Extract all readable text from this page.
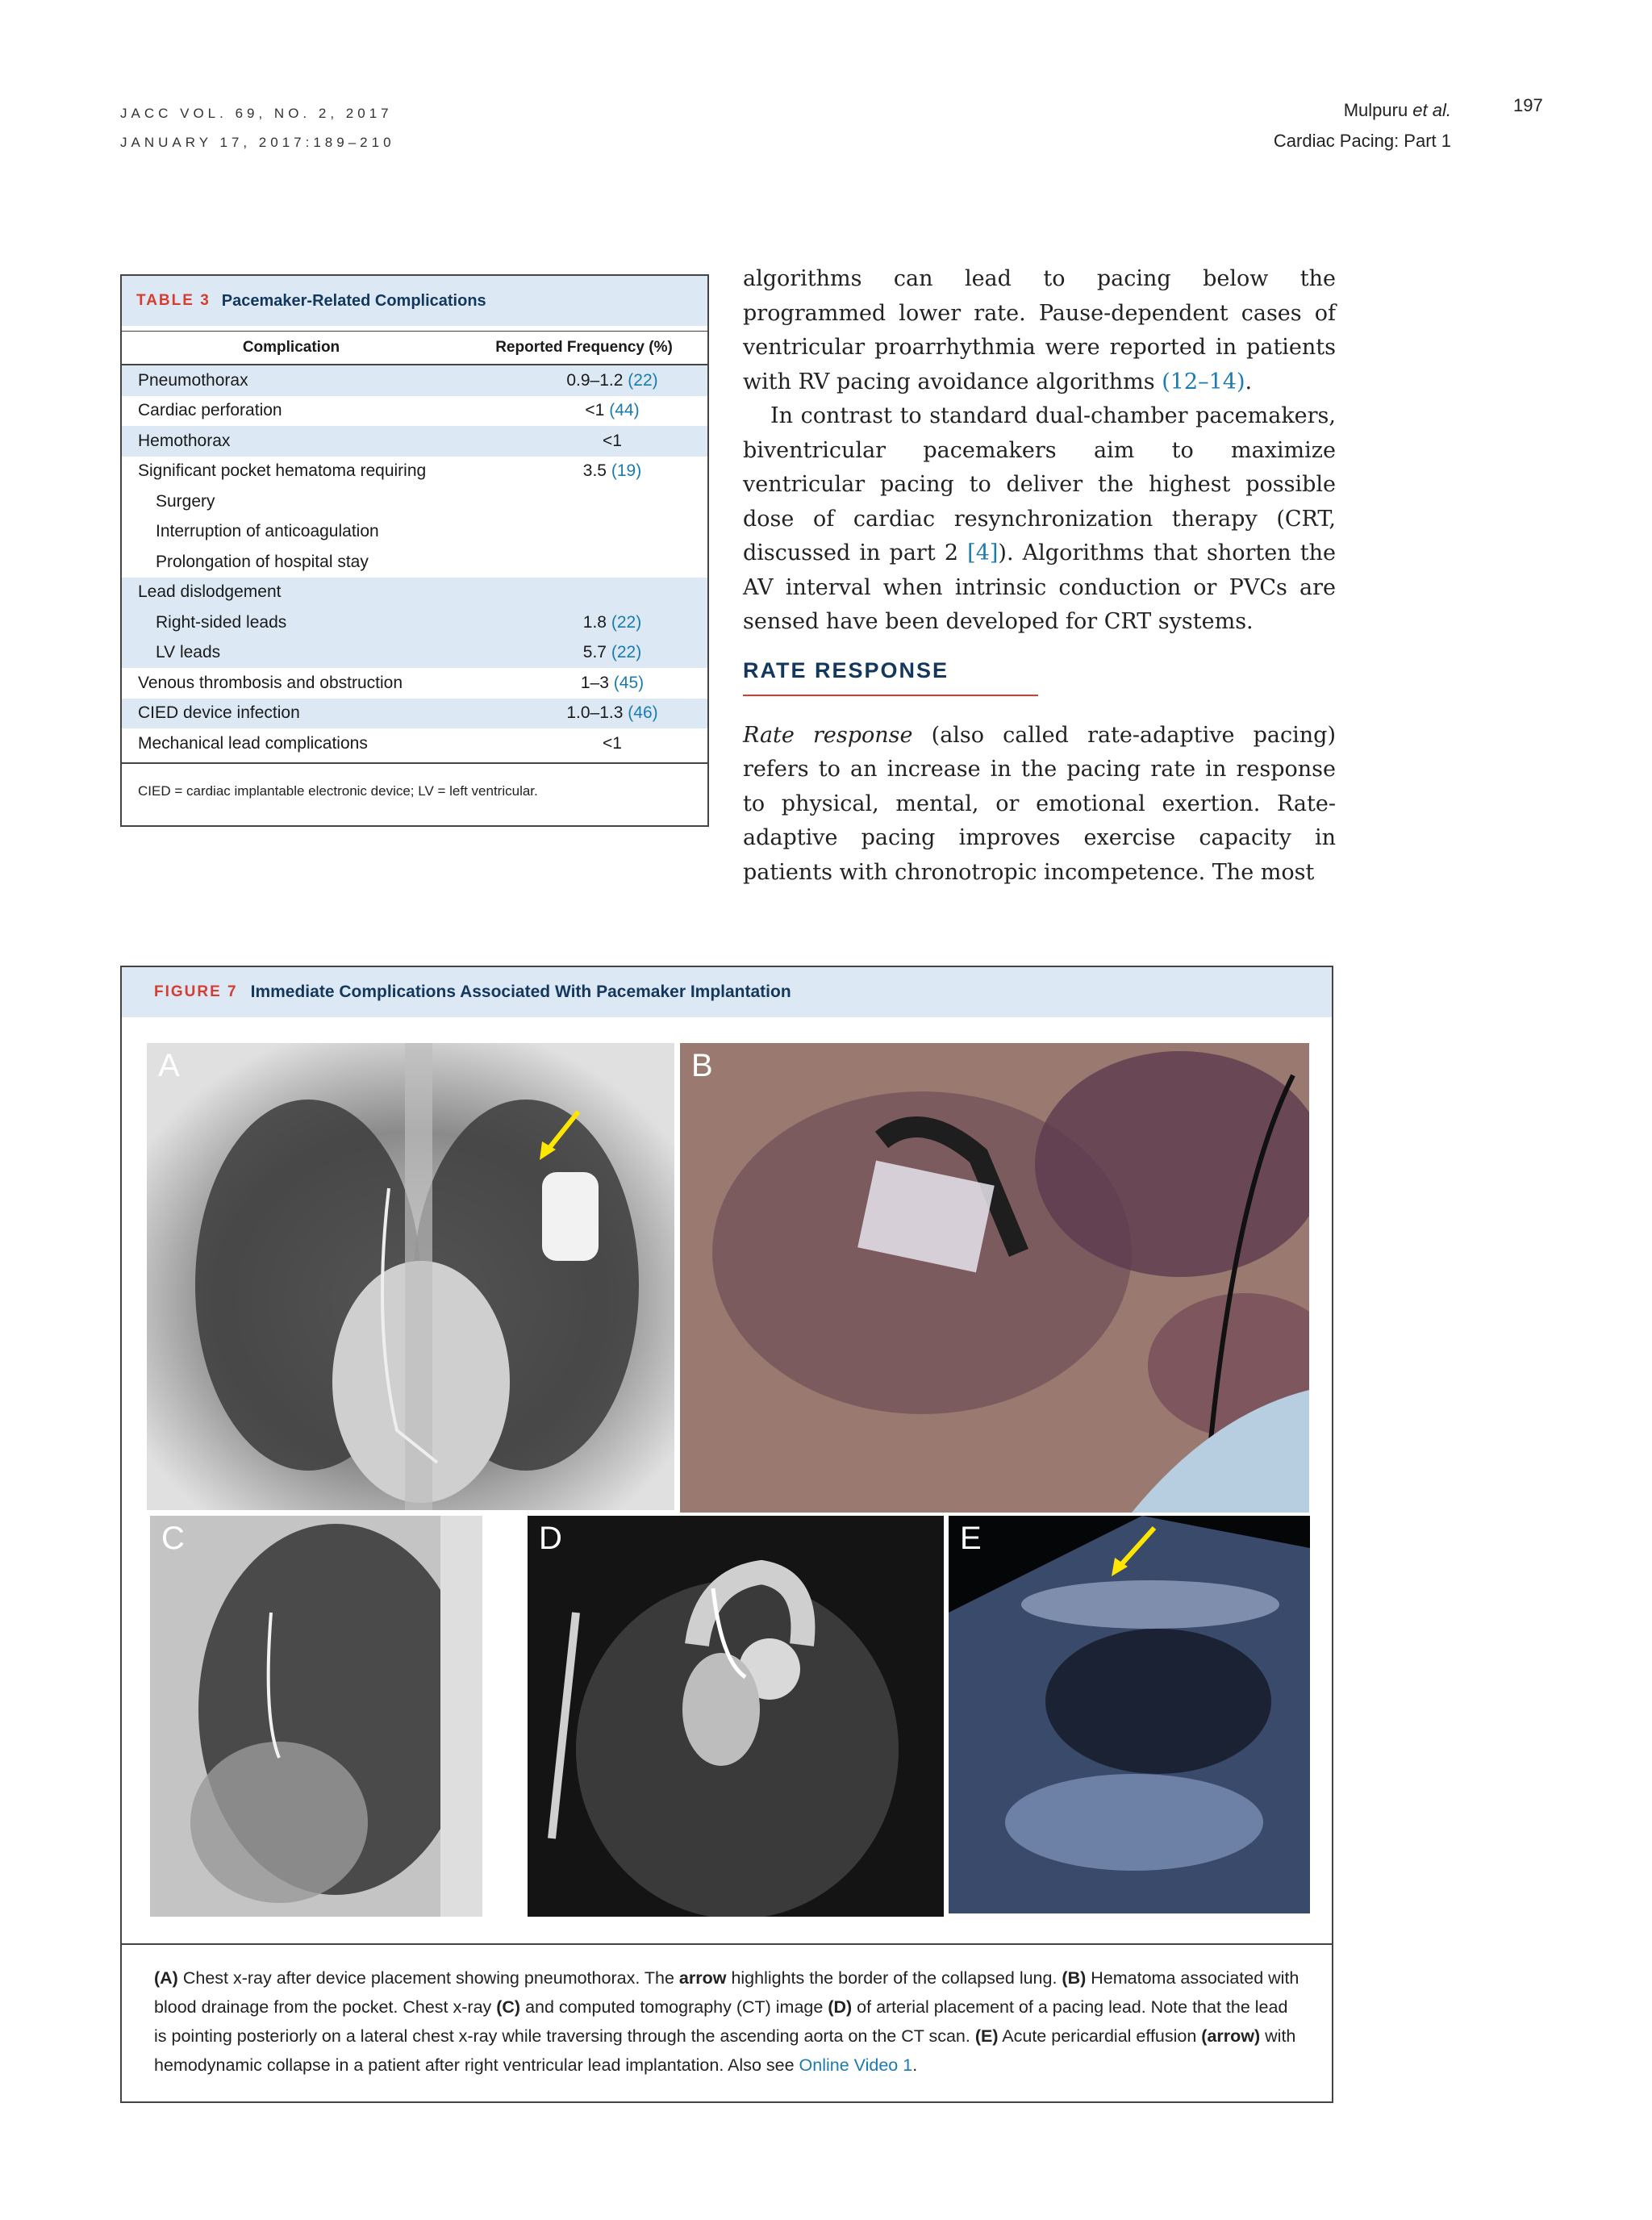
JACC VOL. 69, NO. 2, 2017
JANUARY 17, 2017:189–210
Mulpuru et al.
Cardiac Pacing: Part 1
197
TABLE 3 Pacemaker-Related Complications
Complication	Reported Frequency (%)
Pneumothorax	0.9–1.2 (22)
Cardiac perforation	<1 (44)
Hemothorax	<1
Significant pocket hematoma requiring	3.5 (19)
Surgery
Interruption of anticoagulation
Prolongation of hospital stay
Lead dislodgement
Right-sided leads	1.8 (22)
LV leads	5.7 (22)
Venous thrombosis and obstruction	1–3 (45)
CIED device infection	1.0–1.3 (46)
Mechanical lead complications	<1
CIED = cardiac implantable electronic device; LV = left ventricular.

algorithms can lead to pacing below the programmed lower rate. Pause-dependent cases of ventricular proarrhythmia were reported in patients with RV pacing avoidance algorithms (12–14).

In contrast to standard dual-chamber pacemakers, biventricular pacemakers aim to maximize ventricular pacing to deliver the highest possible dose of cardiac resynchronization therapy (CRT, discussed in part 2 [4]). Algorithms that shorten the AV interval when intrinsic conduction or PVCs are sensed have been developed for CRT systems.

RATE RESPONSE

Rate response (also called rate-adaptive pacing) refers to an increase in the pacing rate in response to physical, mental, or emotional exertion. Rate-adaptive pacing improves exercise capacity in patients with chronotropic incompetence. The most

FIGURE 7 Immediate Complications Associated With Pacemaker Implantation
A	B
C	D	E
(A) Chest x-ray after device placement showing pneumothorax. The arrow highlights the border of the collapsed lung. (B) Hematoma associated with blood drainage from the pocket. Chest x-ray (C) and computed tomography (CT) image (D) of arterial placement of a pacing lead. Note that the lead is pointing posteriorly on a lateral chest x-ray while traversing through the ascending aorta on the CT scan. (E) Acute pericardial effusion (arrow) with hemodynamic collapse in a patient after right ventricular lead implantation. Also see Online Video 1.
